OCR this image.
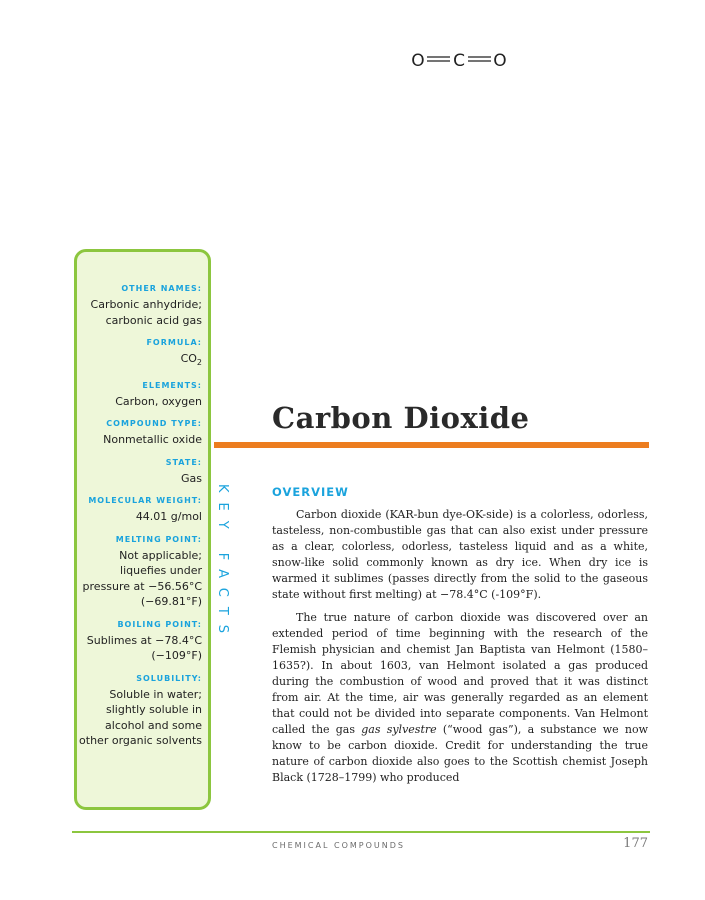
O C O
OTHER NAMES:
Carbonic anhydride; carbonic acid gas
FORMULA:
$CO_2$
ELEMENTS:
Carbon, oxygen
COMPOUND TYPE:
Nonmetallic oxide
STATE:
Gas
MOLECULAR WEIGHT:
44.01 g/mol
MELTING POINT:
Not applicable; liquefies under pressure at −56.56°C (−69.81°F)
BOILING POINT:
Sublimes at −78.4°C (−109°F)
SOLUBILITY:
Soluble in water; slightly soluble in alcohol and some other organic solvents
KEY FACTS
Carbon Dioxide
OVERVIEW

Carbon dioxide (KAR-bun dye-OK-side) is a colorless, odorless, tasteless, non-combustible gas that can also exist under pressure as a clear, colorless, odorless, tasteless liquid and as a white, snow-like solid commonly known as dry ice. When dry ice is warmed it sublimes (passes directly from the solid to the gaseous state without first melting) at −78.4°C (-109°F).

The true nature of carbon dioxide was discovered over an extended period of time beginning with the research of the Flemish physician and chemist Jan Baptista van Helmont (1580–1635?). In about 1603, van Helmont isolated a gas produced during the combustion of wood and proved that it was distinct from air. At the time, air was generally regarded as an element that could not be divided into separate components. Van Helmont called the gas gas sylvestre (“wood gas”), a substance we now know to be carbon dioxide. Credit for understanding the true nature of carbon dioxide also goes to the Scottish chemist Joseph Black (1728–1799) who produced

CHEMICAL COMPOUNDS	177
